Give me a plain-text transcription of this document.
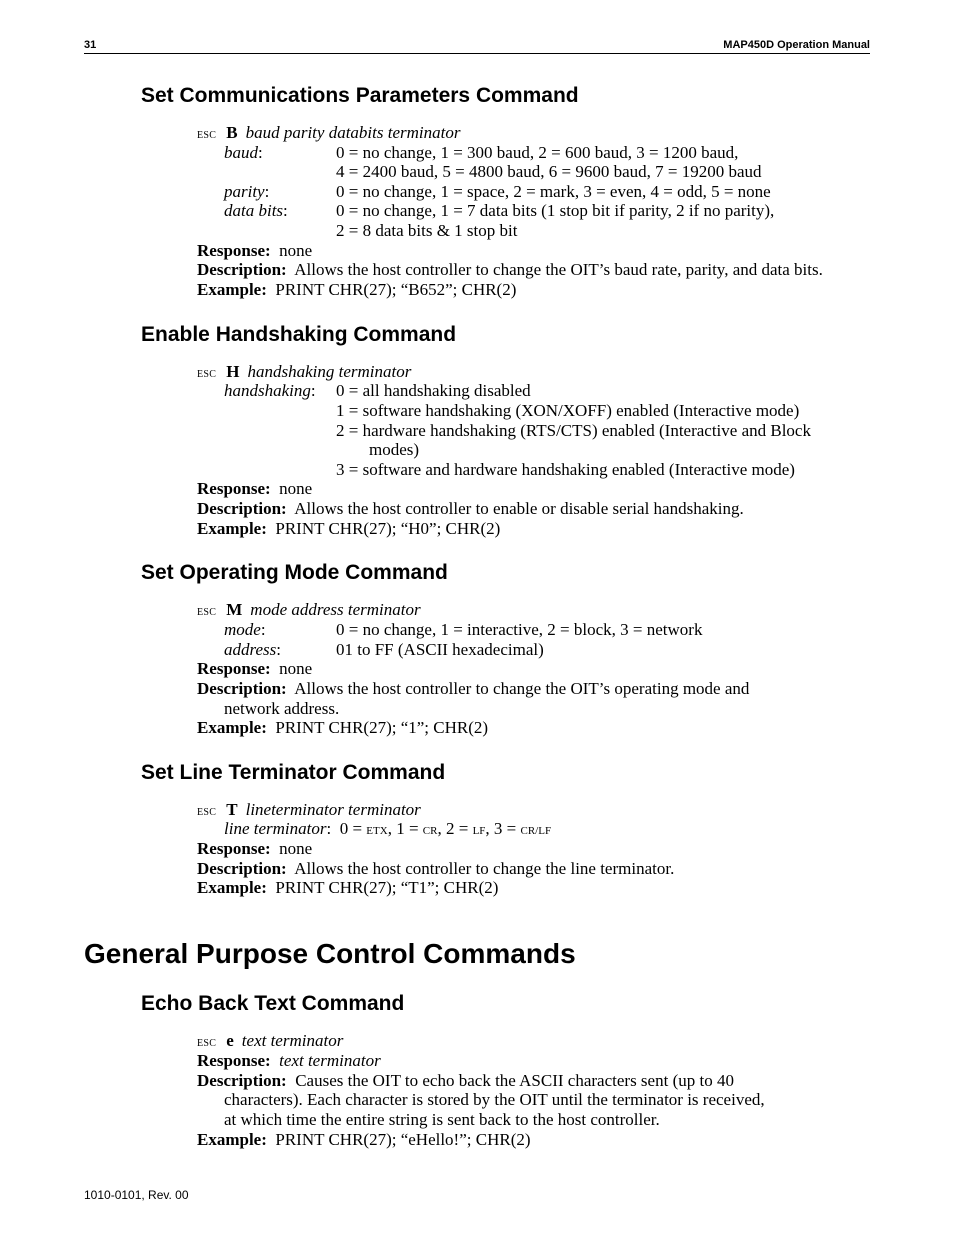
31	MAP450D Operation Manual
Set Communications Parameters Command
ESC B baud parity databits terminator
baud:	0 = no change, 1 = 300 baud, 2 = 600 baud, 3 = 1200 baud,
4 = 2400 baud, 5 = 4800 baud, 6 = 9600 baud, 7 = 19200 baud
parity:	0 = no change, 1 = space, 2 = mark, 3 = even, 4 = odd, 5 = none
data bits:	0 = no change, 1 = 7 data bits (1 stop bit if parity, 2 if no parity),
2 = 8 data bits & 1 stop bit
Response: none
Description: Allows the host controller to change the OIT’s baud rate, parity, and data bits.
Example: PRINT CHR(27); “B652”; CHR(2)
Enable Handshaking Command
ESC H handshaking terminator
handshaking: 0 = all handshaking disabled
1 = software handshaking (XON/XOFF) enabled (Interactive mode)
2 = hardware handshaking (RTS/CTS) enabled (Interactive and Block
modes)
3 = software and hardware handshaking enabled (Interactive mode)
Response: none
Description: Allows the host controller to enable or disable serial handshaking.
Example: PRINT CHR(27); “H0”; CHR(2)
Set Operating Mode Command
ESC M mode address terminator
mode:	0 = no change, 1 = interactive, 2 = block, 3 = network
address:	01 to FF (ASCII hexadecimal)
Response: none
Description: Allows the host controller to change the OIT’s operating mode and
network address.
Example: PRINT CHR(27); “1”; CHR(2)
Set Line Terminator Command
ESC T lineterminator terminator
line terminator: 0 = ETX, 1 = CR, 2 = LF, 3 = CR/LF
Response: none
Description: Allows the host controller to change the line terminator.
Example: PRINT CHR(27); “T1”; CHR(2)
General Purpose Control Commands
Echo Back Text Command
ESC e text terminator
Response: text terminator
Description: Causes the OIT to echo back the ASCII characters sent (up to 40
characters). Each character is stored by the OIT until the terminator is received,
at which time the entire string is sent back to the host controller.
Example: PRINT CHR(27); “eHello!”; CHR(2)
1010-0101, Rev. 00
